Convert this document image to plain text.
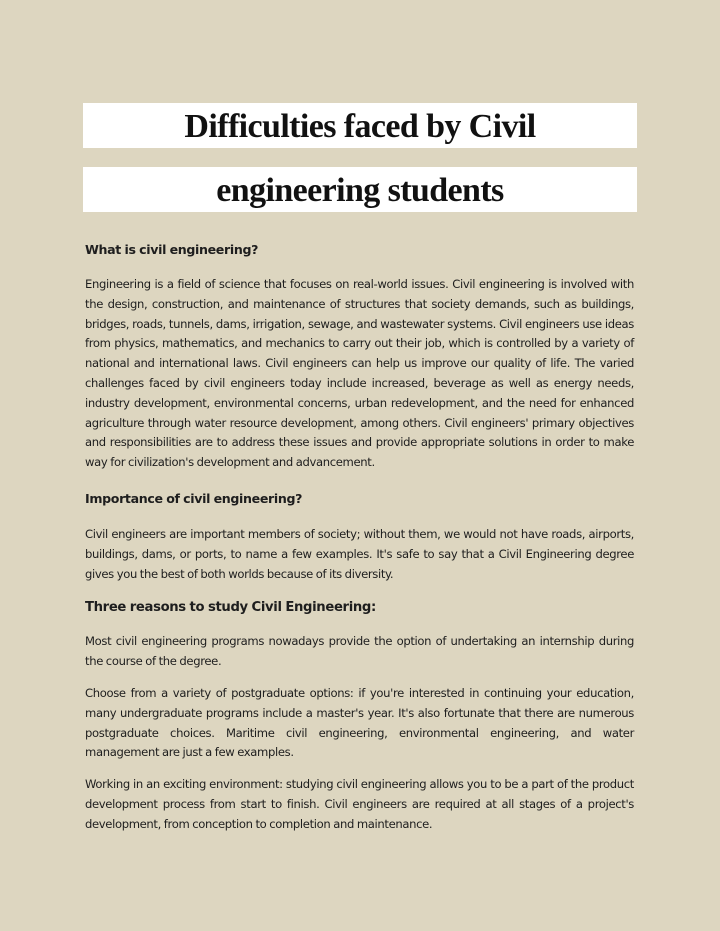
Difficulties faced by Civil
engineering students
What is civil engineering?

Engineering is a field of science that focuses on real-world issues. Civil engineering is involved with the design, construction, and maintenance of structures that society demands, such as buildings, bridges, roads, tunnels, dams, irrigation, sewage, and wastewater systems. Civil engineers use ideas from physics, mathematics, and mechanics to carry out their job, which is controlled by a variety of national and international laws. Civil engineers can help us improve our quality of life. The varied challenges faced by civil engineers today include increased, beverage as well as energy needs, industry development, environmental concerns, urban redevelopment, and the need for enhanced agriculture through water resource development, among others. Civil engineers' primary objectives and responsibilities are to address these issues and provide appropriate solutions in order to make way for civilization's development and advancement.

Importance of civil engineering?

Civil engineers are important members of society; without them, we would not have roads, airports, buildings, dams, or ports, to name a few examples. It's safe to say that a Civil Engineering degree gives you the best of both worlds because of its diversity.

Three reasons to study Civil Engineering:

Most civil engineering programs nowadays provide the option of undertaking an internship during the course of the degree.

Choose from a variety of postgraduate options: if you're interested in continuing your education, many undergraduate programs include a master's year. It's also fortunate that there are numerous postgraduate choices. Maritime civil engineering, environmental engineering, and water management are just a few examples.

Working in an exciting environment: studying civil engineering allows you to be a part of the product development process from start to finish. Civil engineers are required at all stages of a project's development, from conception to completion and maintenance.
